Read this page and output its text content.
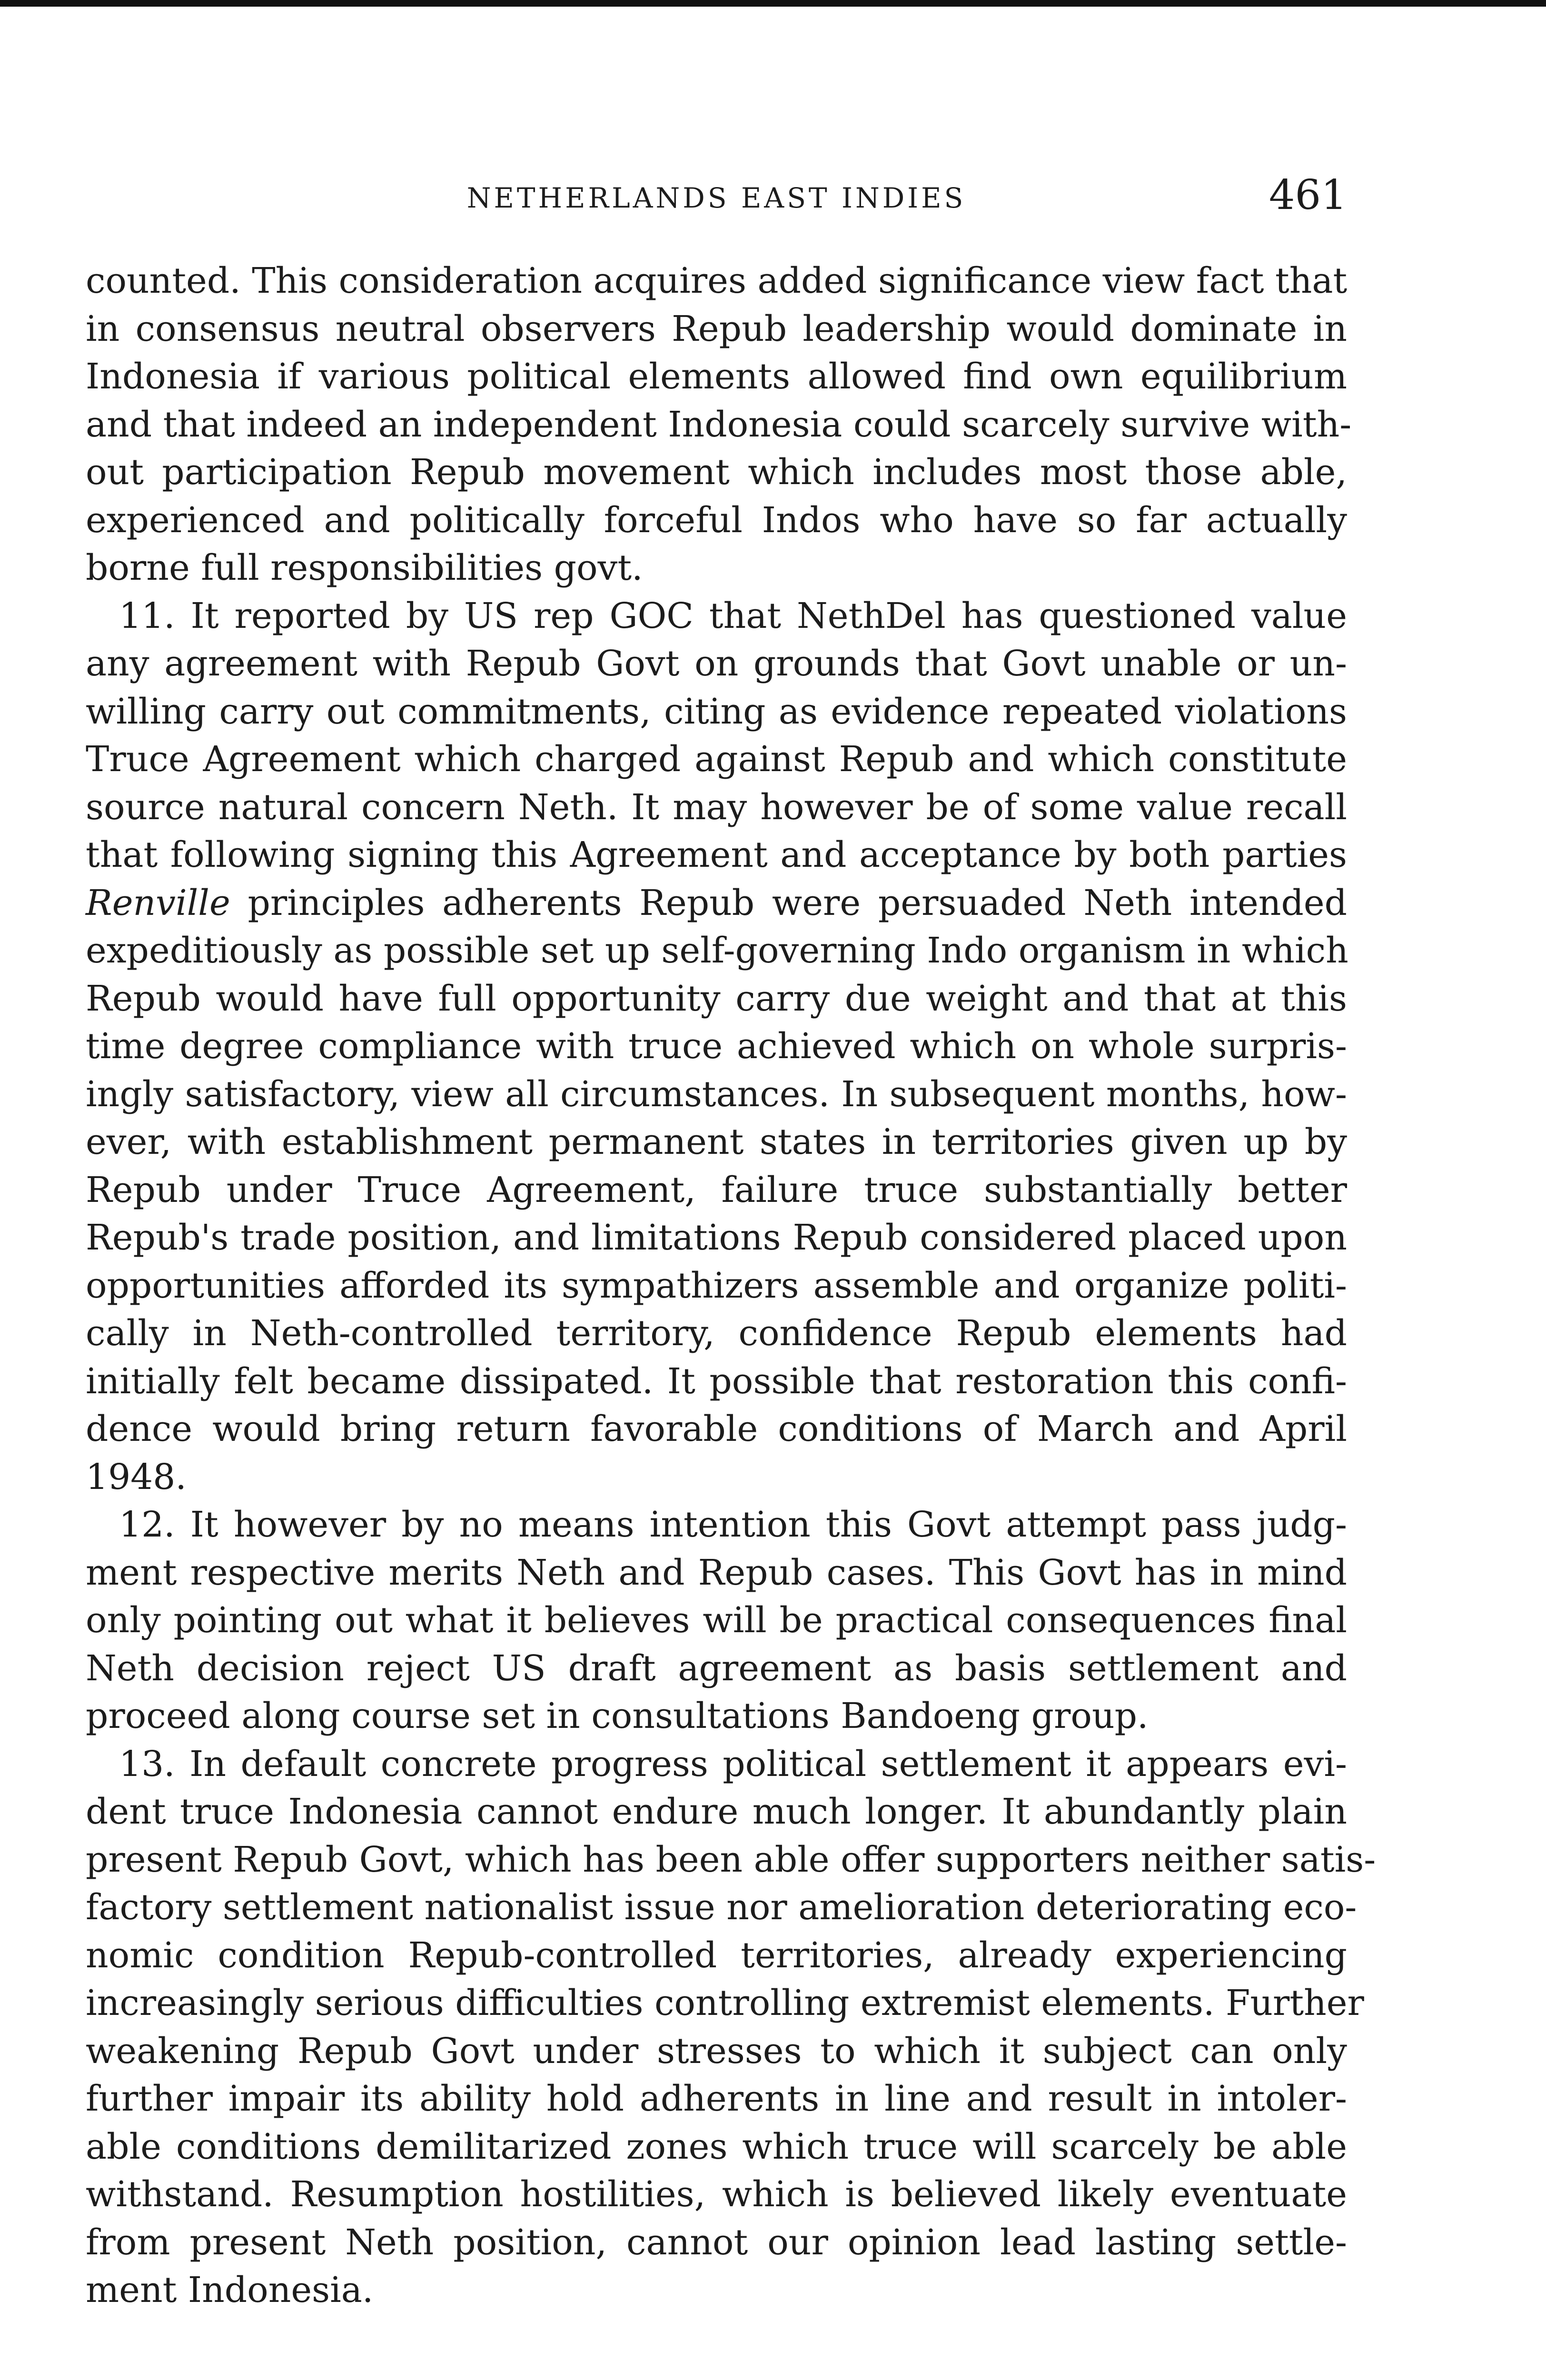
NETHERLANDS EAST INDIES	461
counted. This consideration acquires added significance view fact that
in consensus neutral observers Repub leadership would dominate in
Indonesia if various political elements allowed find own equilibrium
and that indeed an independent Indonesia could scarcely survive with-
out participation Repub movement which includes most those able,
experienced and politically forceful Indos who have so far actually
borne full responsibilities govt.
11. It reported by US rep GOC that NethDel has questioned value
any agreement with Repub Govt on grounds that Govt unable or un-
willing carry out commitments, citing as evidence repeated violations
Truce Agreement which charged against Repub and which constitute
source natural concern Neth. It may however be of some value recall
that following signing this Agreement and acceptance by both parties
Renville principles adherents Repub were persuaded Neth intended
expeditiously as possible set up self-governing Indo organism in which
Repub would have full opportunity carry due weight and that at this
time degree compliance with truce achieved which on whole surpris-
ingly satisfactory, view all circumstances. In subsequent months, how-
ever, with establishment permanent states in territories given up by
Repub under Truce Agreement, failure truce substantially better
Repub's trade position, and limitations Repub considered placed upon
opportunities afforded its sympathizers assemble and organize politi-
cally in Neth-controlled territory, confidence Repub elements had
initially felt became dissipated. It possible that restoration this confi-
dence would bring return favorable conditions of March and April
1948.
12. It however by no means intention this Govt attempt pass judg-
ment respective merits Neth and Repub cases. This Govt has in mind
only pointing out what it believes will be practical consequences final
Neth decision reject US draft agreement as basis settlement and
proceed along course set in consultations Bandoeng group.
13. In default concrete progress political settlement it appears evi-
dent truce Indonesia cannot endure much longer. It abundantly plain
present Repub Govt, which has been able offer supporters neither satis-
factory settlement nationalist issue nor amelioration deteriorating eco-
nomic condition Repub-controlled territories, already experiencing
increasingly serious difficulties controlling extremist elements. Further
weakening Repub Govt under stresses to which it subject can only
further impair its ability hold adherents in line and result in intoler-
able conditions demilitarized zones which truce will scarcely be able
withstand. Resumption hostilities, which is believed likely eventuate
from present Neth position, cannot our opinion lead lasting settle-
ment Indonesia.
